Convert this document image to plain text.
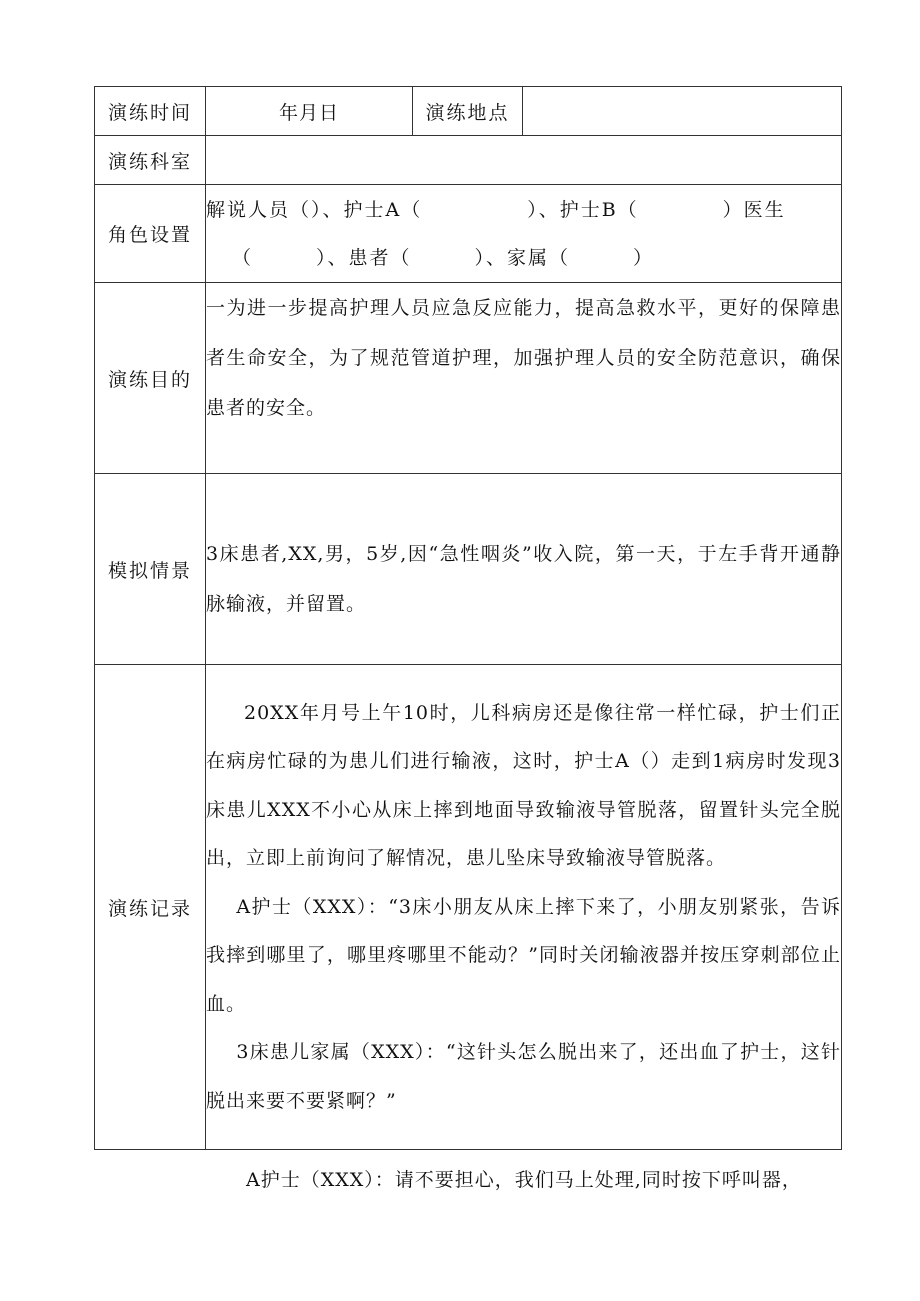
演练时间	年月日	演练地点	
演练科室			
角色设置	解说人员（）、护士A（　　　　　）、护士B（　　　　）医生
（　　　）、患者（　　　）、家属（　　　）		

演练目的	一为进一步提高护理人员应急反应能力，提高急救水平，更好的保障患者生命安全，为了规范管道护理，加强护理人员的安全防范意识，确保患者的安全。		

模拟情景	3床患者,XX,男，5岁,因“急性咽炎”收入院，第一天，于左手背开通静脉输液，并留置。		

演练记录	20XX年月号上午10时，儿科病房还是像往常一样忙碌，护士们正在病房忙碌的为患儿们进行输液，这时，护士A（）走到1病房时发现3床患儿XXX不小心从床上摔到地面导致输液导管脱落，留置针头完全脱出，立即上前询问了解情况，患儿坠床导致输液导管脱落。
A护士（XXX）：“3床小朋友从床上摔下来了，小朋友别紧张，告诉我摔到哪里了，哪里疼哪里不能动？”同时关闭输液器并按压穿刺部位止血。
3床患儿家属（XXX）：“这针头怎么脱出来了，还出血了护士，这针脱出来要不要紧啊？”		
A护士（XXX）：请不要担心，我们马上处理,同时按下呼叫器，
